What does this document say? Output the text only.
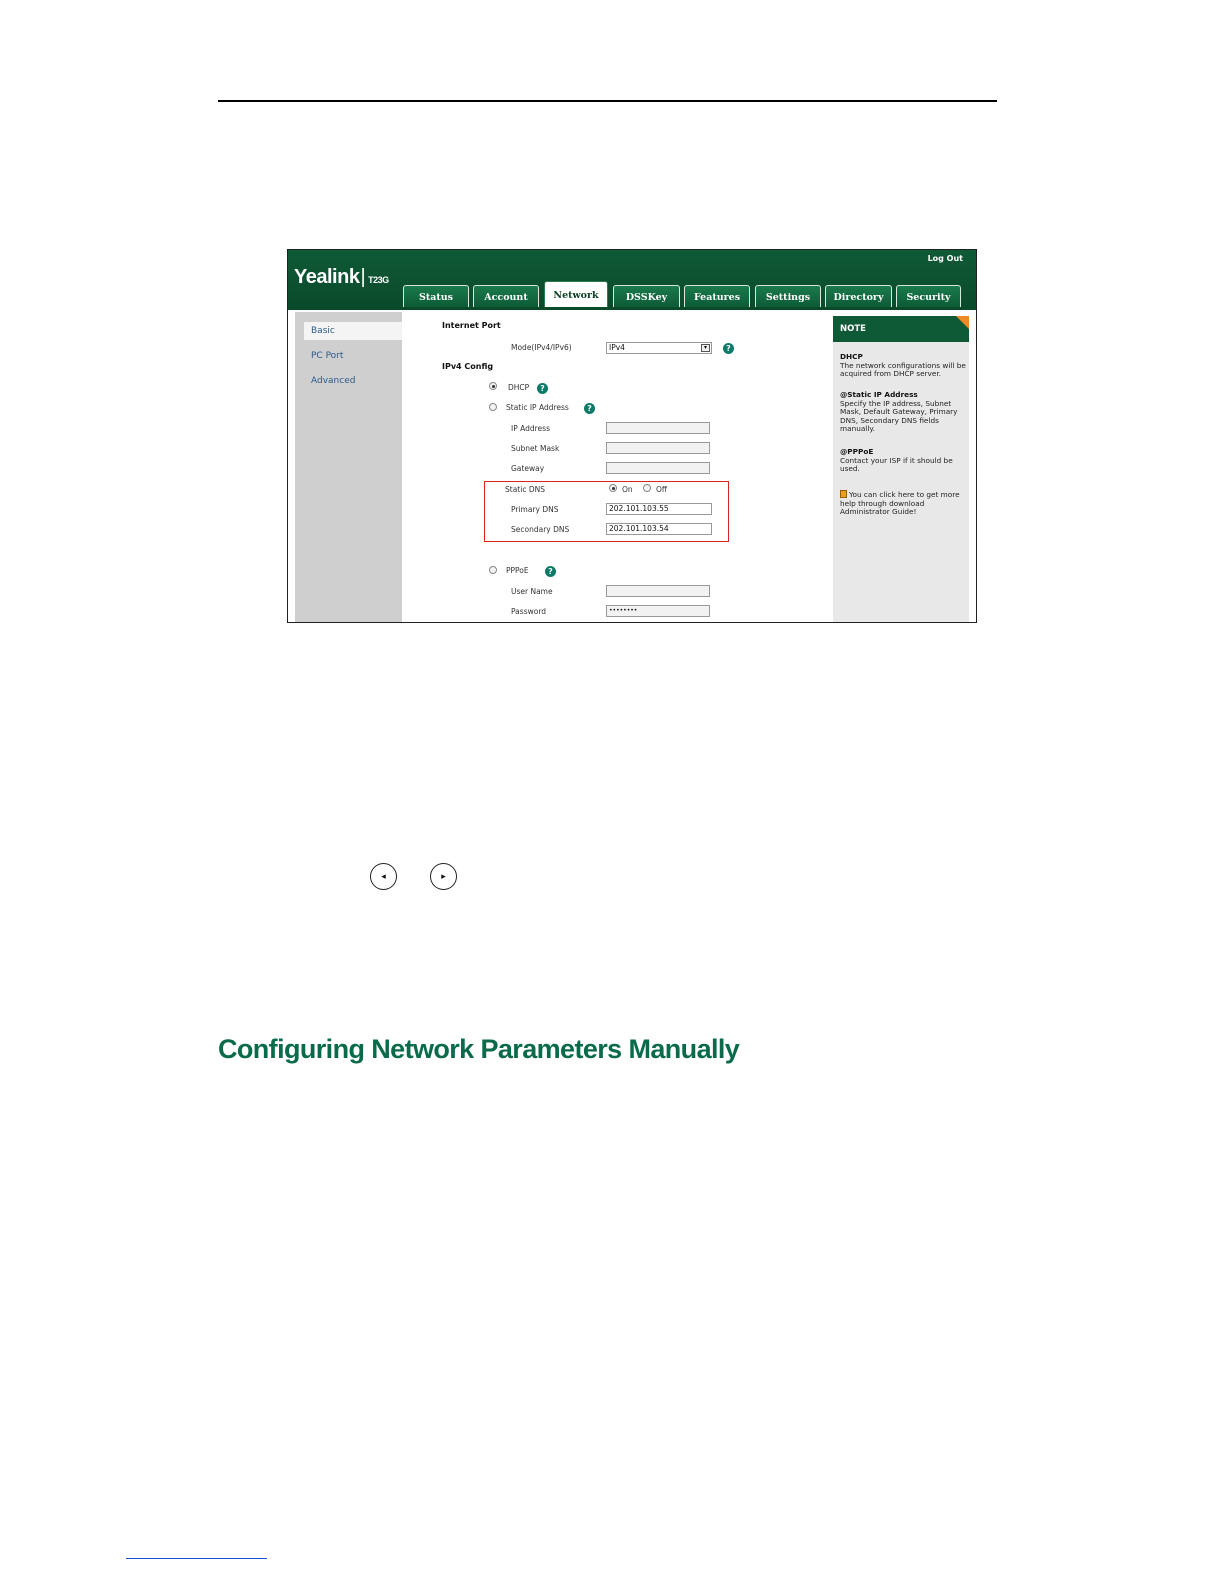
Yealink| T23G
Log Out
Status	Account	Network	DSSKey	Features	Settings	Directory	Security
Basic
PC Port
Advanced
Internet Port
Mode(IPv4/IPv6)	IPv4	▾	?
IPv4 Config
DHCP	?
Static IP Address	?
IP Address
Subnet Mask
Gateway
Static DNS	On	Off
Primary DNS	202.101.103.55
Secondary DNS	202.101.103.54
PPPoE	?
User Name
Password	••••••••
NOTE
DHCP
The network configurations will be acquired from DHCP server.
@Static IP Address
Specify the IP address, Subnet Mask, Default Gateway, Primary DNS, Secondary DNS fields manually.
@PPPoE
Contact your ISP if it should be used.
You can click here to get more help through download Administrator Guide!
◂	▸
Configuring Network Parameters Manually
